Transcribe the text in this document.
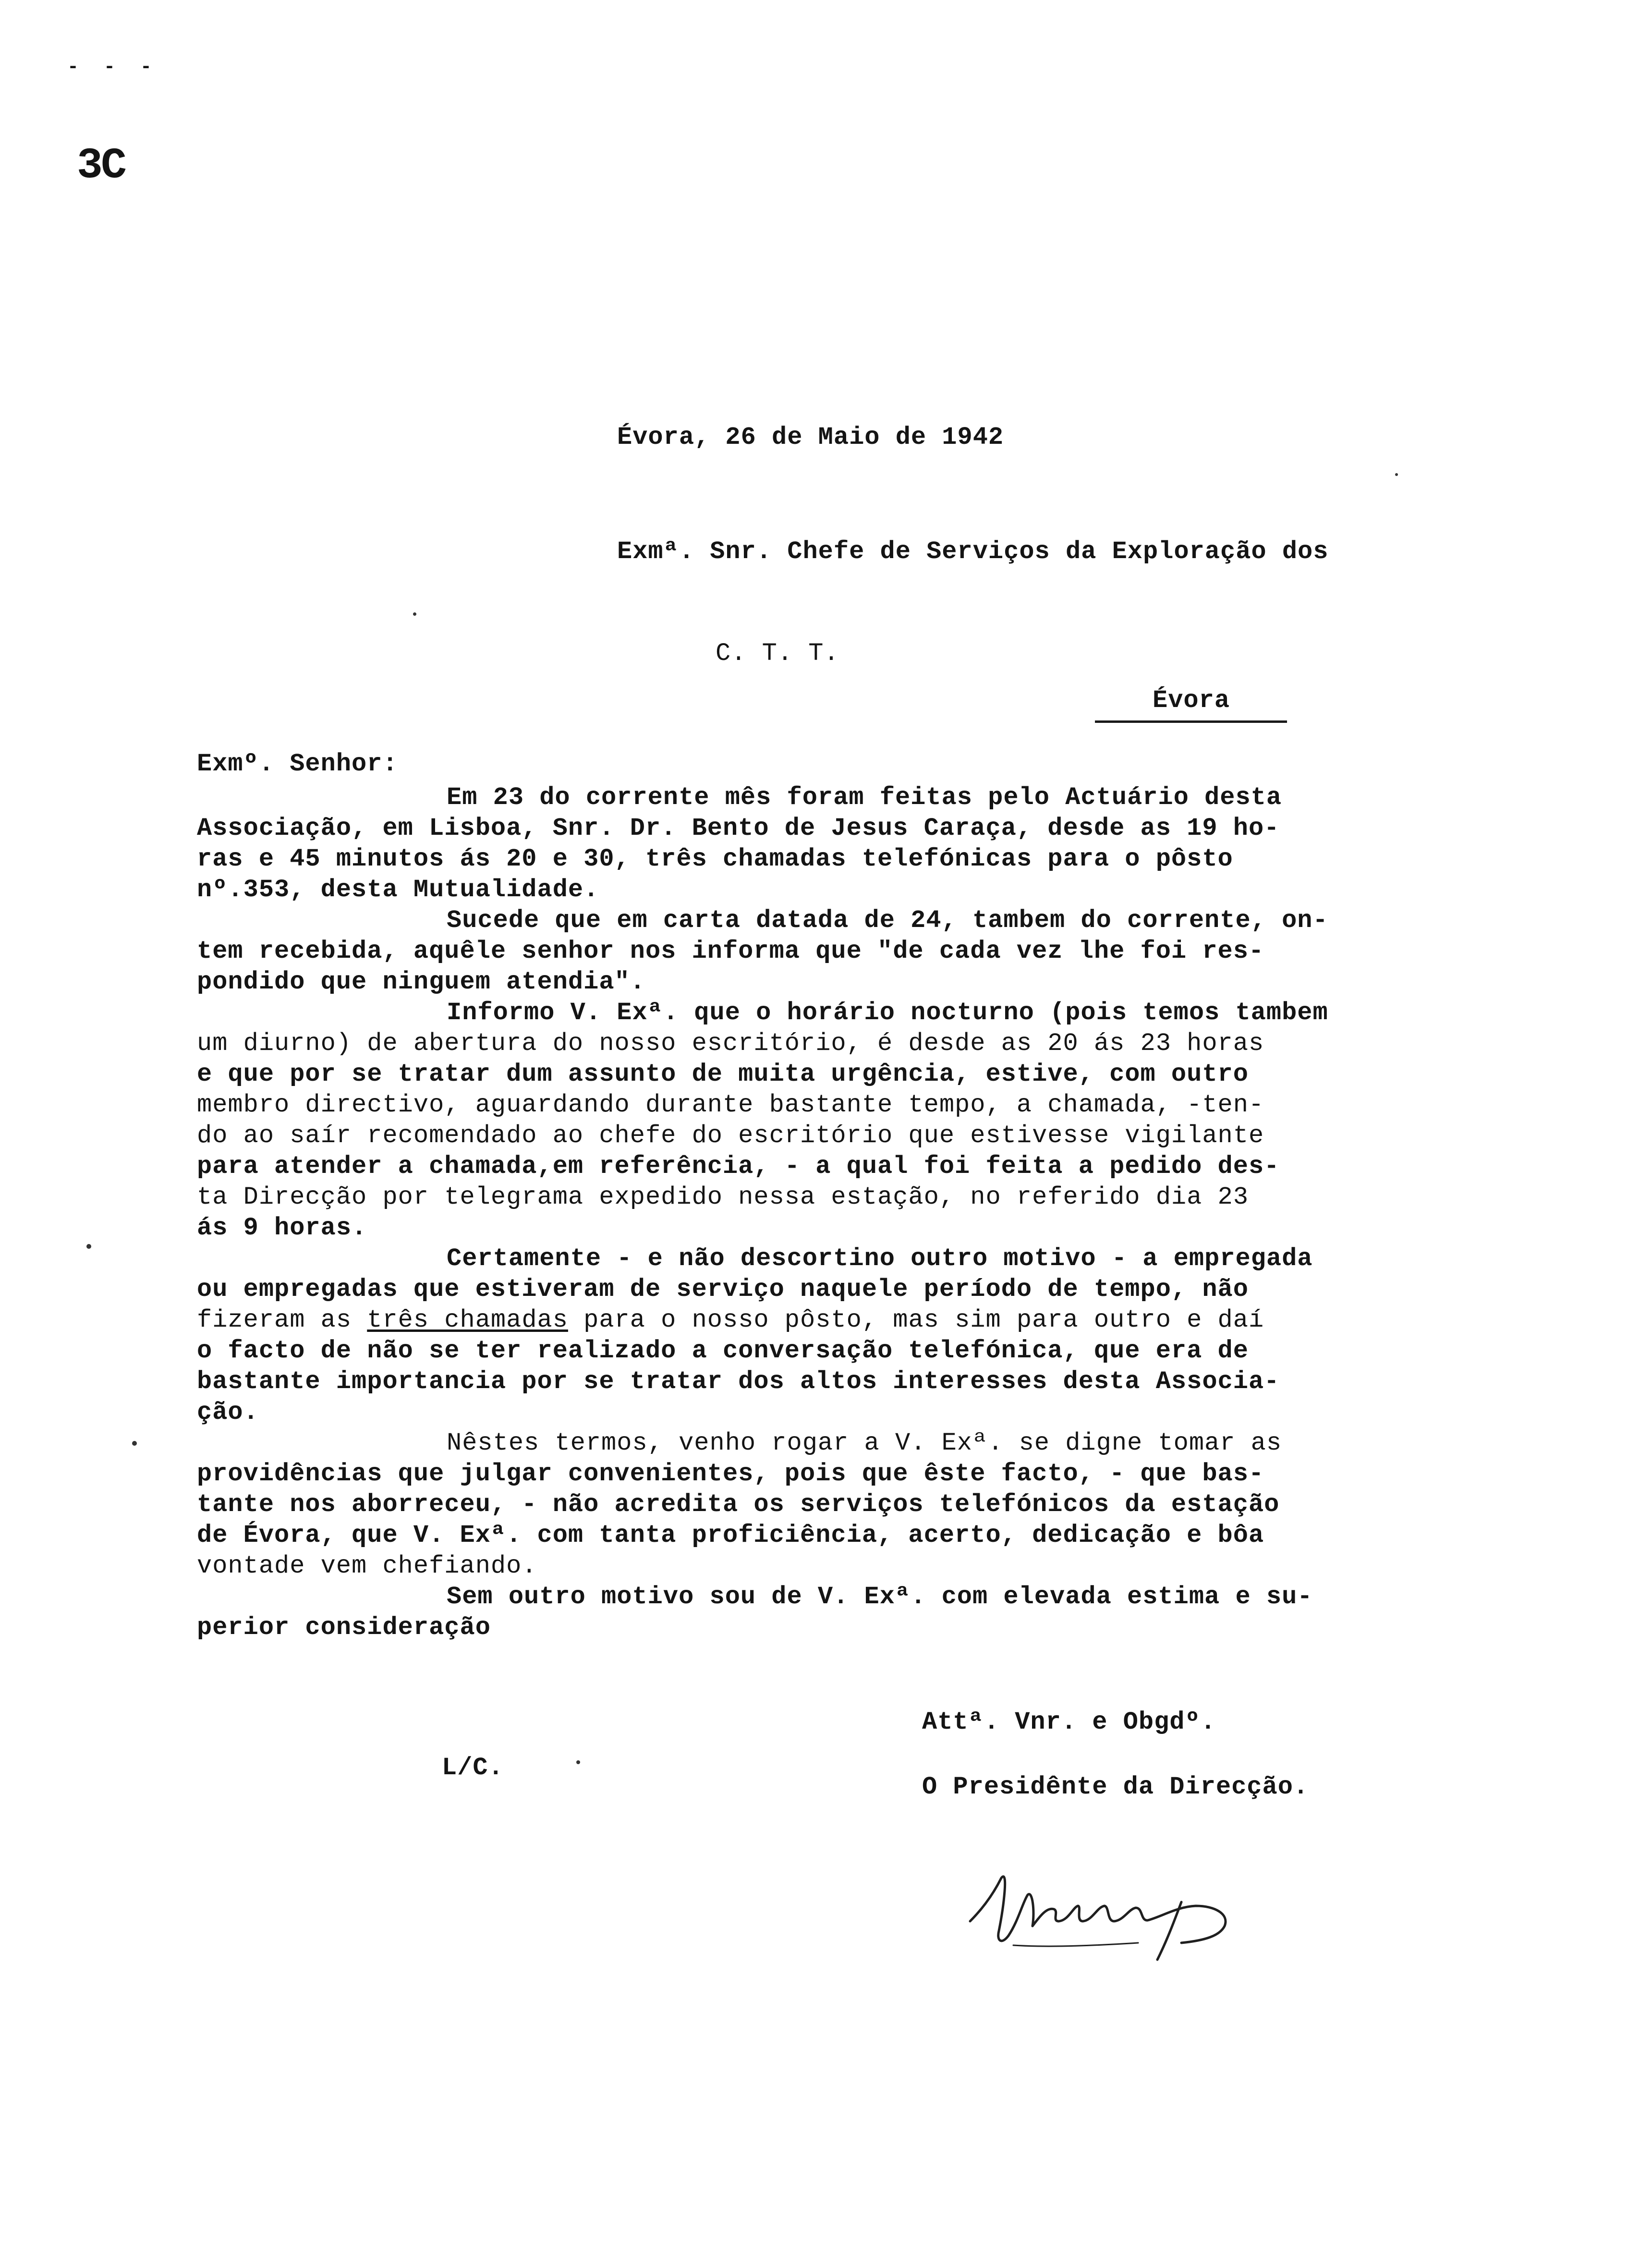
- - -
3C
Évora, 26 de Maio de 1942
Exmª. Snr. Chefe de Serviços da Exploração dos
C. T. T.
Évora
Exmº. Senhor:
Em 23 do corrente mês foram feitas pelo Actuário desta
Associação, em Lisboa, Snr. Dr. Bento de Jesus Caraça, desde as 19 ho-
ras e 45 minutos ás 20 e 30, três chamadas telefónicas para o pôsto
nº.353, desta Mutualidade.
Sucede que em carta datada de 24, tambem do corrente, on-
tem recebida, aquêle senhor nos informa que "de cada vez lhe foi res-
pondido que ninguem atendia".
Informo V. Exª. que o horário nocturno (pois temos tambem
um diurno) de abertura do nosso escritório, é desde as 20 ás 23 horas
e que por se tratar dum assunto de muita urgência, estive, com outro
membro directivo, aguardando durante bastante tempo, a chamada, -ten-
do ao saír recomendado ao chefe do escritório que estivesse vigilante
para atender a chamada,em referência, - a qual foi feita a pedido des-
ta Direcção por telegrama expedido nessa estação, no referido dia 23
ás 9 horas.
Certamente - e não descortino outro motivo - a empregada
ou empregadas que estiveram de serviço naquele período de tempo, não
fizeram as três chamadas para o nosso pôsto, mas sim para outro e daí
o facto de não se ter realizado a conversação telefónica, que era de
bastante importancia por se tratar dos altos interesses desta Associa-
ção.
Nêstes termos, venho rogar a V. Exª. se digne tomar as
providências que julgar convenientes, pois que êste facto, - que bas-
tante nos aborreceu, - não acredita os serviços telefónicos da estação
de Évora, que V. Exª. com tanta proficiência, acerto, dedicação e bôa
vontade vem chefiando.
Sem outro motivo sou de V. Exª. com elevada estima e su-
perior consideração
Attª. Vnr. e Obgdº.
O Presidênte da Direcção.
L/C.
